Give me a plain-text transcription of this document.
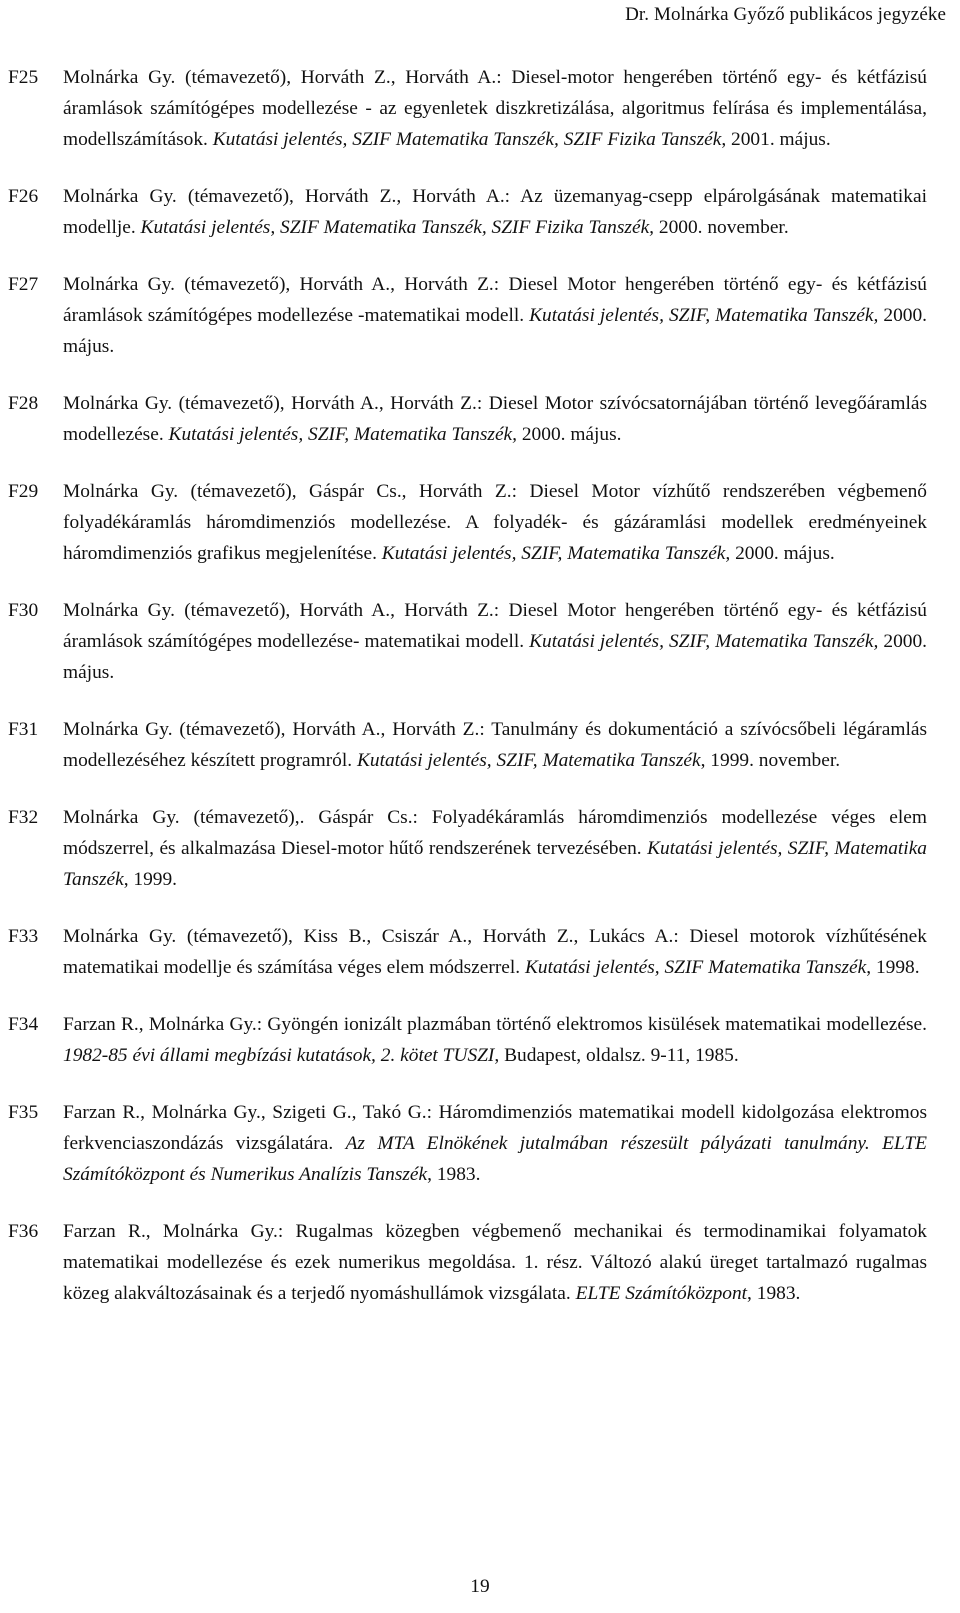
Dr. Molnárka Győző publikácos jegyzéke
F25 Molnárka Gy. (témavezető), Horváth Z., Horváth A.: Diesel-motor hengerében történő egy- és kétfázisú áramlások számítógépes modellezése - az egyenletek diszkretizálása, algoritmus felírása és implementálása, modellszámítások. Kutatási jelentés, SZIF Matematika Tanszék, SZIF Fizika Tanszék, 2001. május.
F26 Molnárka Gy. (témavezető), Horváth Z., Horváth A.: Az üzemanyag-csepp elpárolgásának matematikai modellje. Kutatási jelentés, SZIF Matematika Tanszék, SZIF Fizika Tanszék, 2000. november.
F27 Molnárka Gy. (témavezető), Horváth A., Horváth Z.: Diesel Motor hengerében történő egy- és kétfázisú áramlások számítógépes modellezése -matematikai modell. Kutatási jelentés, SZIF, Matematika Tanszék, 2000. május.
F28 Molnárka Gy. (témavezető), Horváth A., Horváth Z.: Diesel Motor szívócsatornájában történő levegőáramlás modellezése. Kutatási jelentés, SZIF, Matematika Tanszék, 2000. május.
F29 Molnárka Gy. (témavezető), Gáspár Cs., Horváth Z.: Diesel Motor vízhűtő rendszerében végbemenő folyadékáramlás háromdimenziós modellezése. A folyadék- és gázáramlási modellek eredményeinek háromdimenziós grafikus megjelenítése. Kutatási jelentés, SZIF, Matematika Tanszék, 2000. május.
F30 Molnárka Gy. (témavezető), Horváth A., Horváth Z.: Diesel Motor hengerében történő egy- és kétfázisú áramlások számítógépes modellezése- matematikai modell. Kutatási jelentés, SZIF, Matematika Tanszék, 2000. május.
F31 Molnárka Gy. (témavezető), Horváth A., Horváth Z.: Tanulmány és dokumentáció a szívócsőbeli légáramlás modellezéséhez készített programról. Kutatási jelentés, SZIF, Matematika Tanszék, 1999. november.
F32 Molnárka Gy. (témavezető),. Gáspár Cs.: Folyadékáramlás háromdimenziós modellezése véges elem módszerrel, és alkalmazása Diesel-motor hűtő rendszerének tervezésében. Kutatási jelentés, SZIF, Matematika Tanszék, 1999.
F33 Molnárka Gy. (témavezető), Kiss B., Csiszár A., Horváth Z., Lukács A.: Diesel motorok vízhűtésének matematikai modellje és számítása véges elem módszerrel. Kutatási jelentés, SZIF Matematika Tanszék, 1998.
F34 Farzan R., Molnárka Gy.: Gyöngén ionizált plazmában történő elektromos kisülések matematikai modellezése. 1982-85 évi állami megbízási kutatások, 2. kötet TUSZI, Budapest, oldalsz. 9-11, 1985.
F35 Farzan R., Molnárka Gy., Szigeti G., Takó G.: Háromdimenziós matematikai modell kidolgozása elektromos ferkvenciaszondázás vizsgálatára. Az MTA Elnökének jutalmában részesült pályázati tanulmány. ELTE Számítóközpont és Numerikus Analízis Tanszék, 1983.
F36 Farzan R., Molnárka Gy.: Rugalmas közegben végbemenő mechanikai és termodinamikai folyamatok matematikai modellezése és ezek numerikus megoldása. 1. rész. Változó alakú üreget tartalmazó rugalmas közeg alakváltozásainak és a terjedő nyomáshullámok vizsgálata. ELTE Számítóközpont, 1983.
19
